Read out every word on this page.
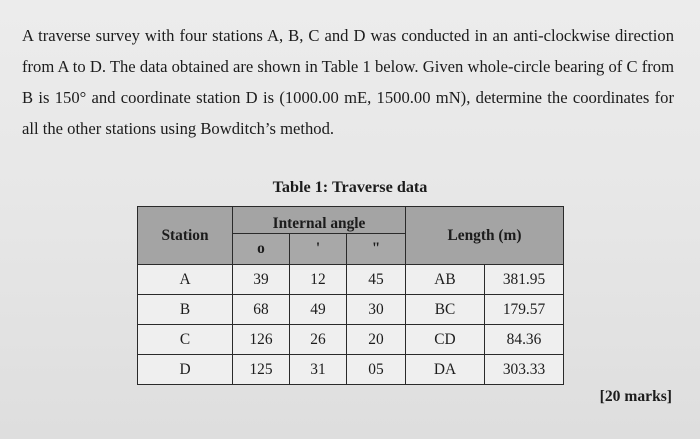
A traverse survey with four stations A, B, C and D was conducted in an anti-clockwise direction from A to D. The data obtained are shown in Table 1 below. Given whole-circle bearing of C from B is 150° and coordinate station D is (1000.00 mE, 1500.00 mN), determine the coordinates for all the other stations using Bowditch’s method.

Table 1: Traverse data
Station	Internal angle			Length (m)	
	o	'	"		
A	39	12	45	AB	381.95
B	68	49	30	BC	179.57
C	126	26	20	CD	84.36
D	125	31	05	DA	303.33
[20 marks]
